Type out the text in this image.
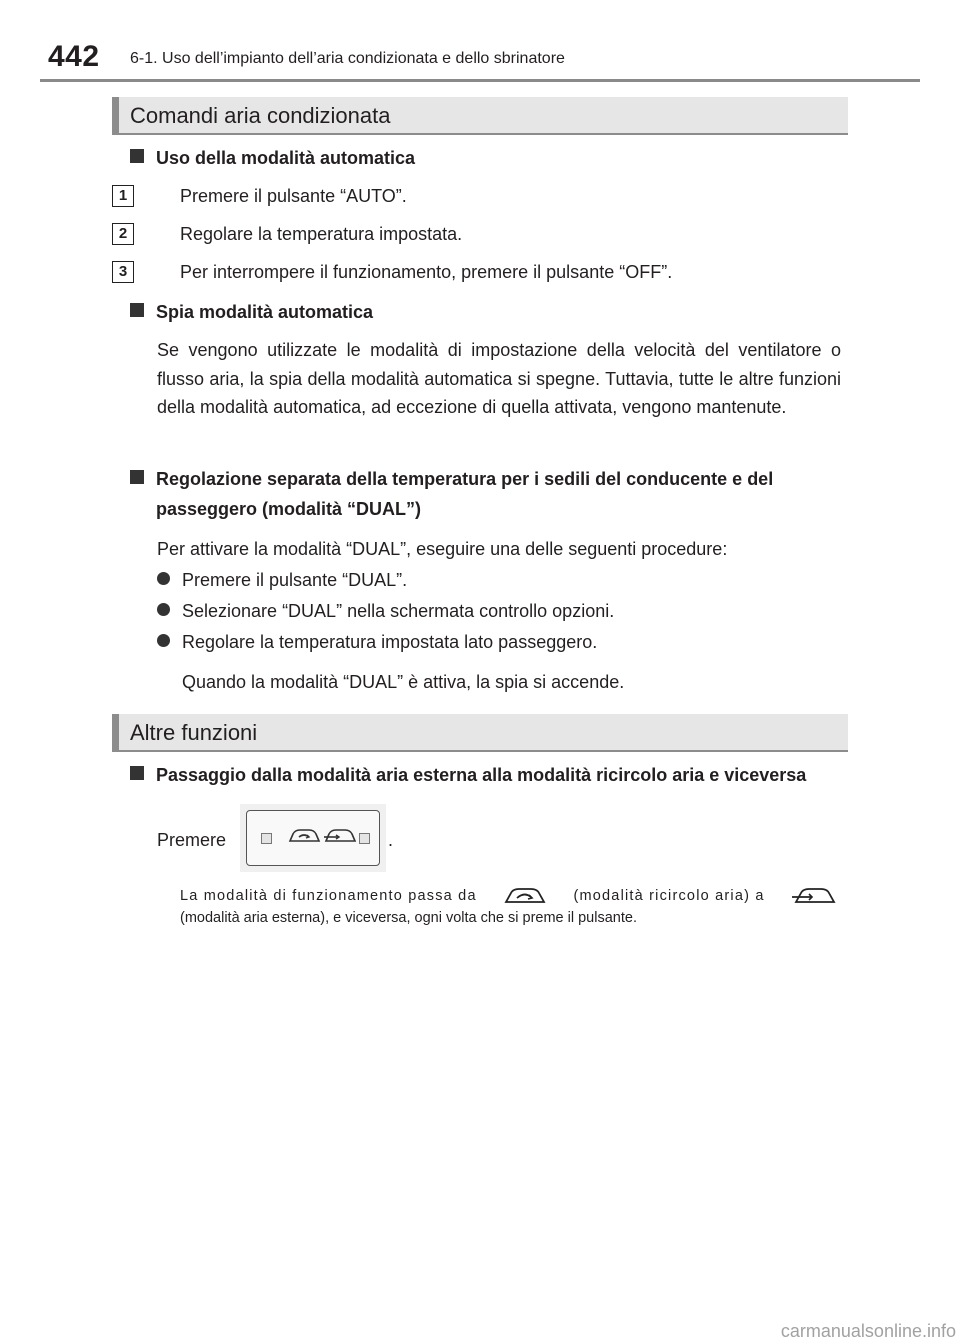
442 6-1. Uso dell’impianto dell’aria condizionata e dello sbrinatore
Comandi aria condizionata
Uso della modalità automatica
1	Premere il pulsante “AUTO”.
2	Regolare la temperatura impostata.
3	Per interrompere il funzionamento, premere il pulsante “OFF”.
Spia modalità automatica
Se vengono utilizzate le modalità di impostazione della velocità del ventilatore o flusso aria, la spia della modalità automatica si spegne. Tuttavia, tutte le altre funzioni della modalità automatica, ad eccezione di quella attivata, vengono mantenute.
Regolazione separata della temperatura per i sedili del conducente e del
passeggero (modalità “DUAL”)
Per attivare la modalità “DUAL”, eseguire una delle seguenti procedure:
Premere il pulsante “DUAL”.
Selezionare “DUAL” nella schermata controllo opzioni.
Regolare la temperatura impostata lato passeggero.
Quando la modalità “DUAL” è attiva, la spia si accende.
Altre funzioni
Passaggio dalla modalità aria esterna alla modalità ricircolo aria e viceversa
Premere	.
La modalità di funzionamento passa da	(modalità ricircolo aria) a
(modalità aria esterna), e viceversa, ogni volta che si preme il pulsante.
carmanualsonline.info
